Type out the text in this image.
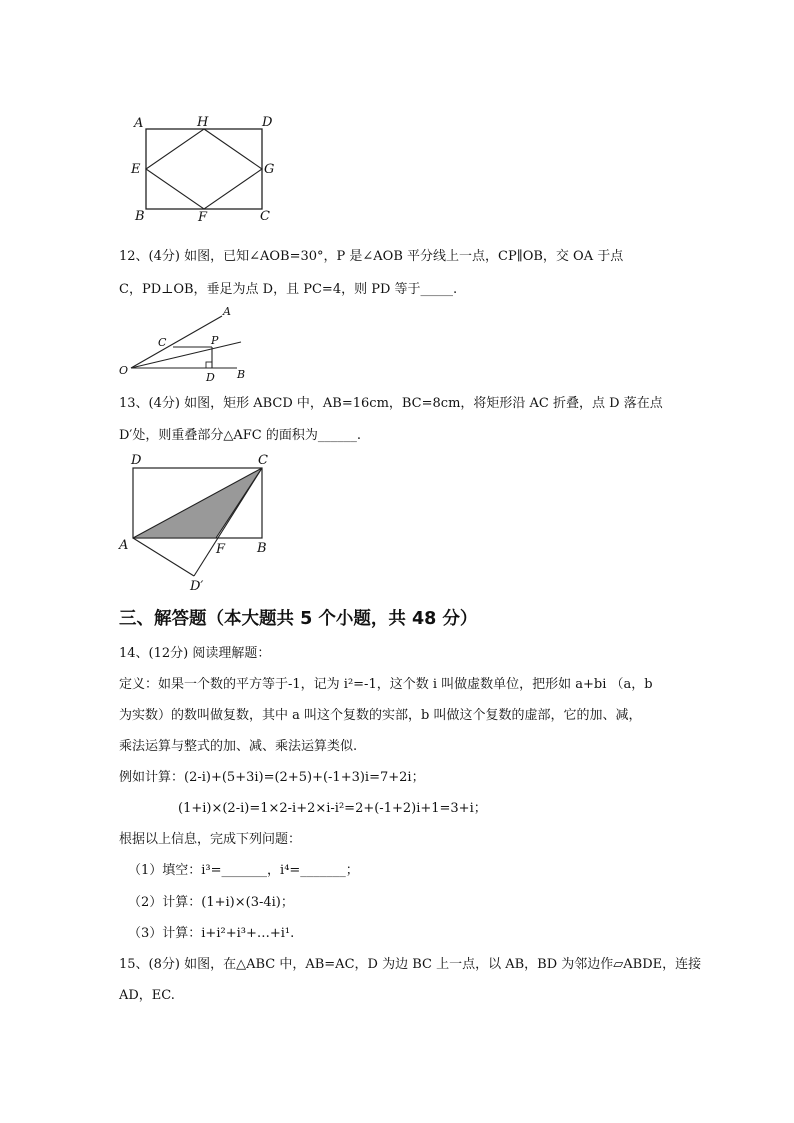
A	H	D
E	G
B	F	C
12、(4分) 如图，已知∠AOB=30°，P 是∠AOB 平分线上一点，CP∥OB，交 OA 于点
C，PD⊥OB，垂足为点 D，且 PC=4，则 PD 等于_____.
A
C	P
O
D B
13、(4分) 如图，矩形 ABCD 中，AB=16cm，BC=8cm，将矩形沿 AC 折叠，点 D 落在点
D′处，则重叠部分△AFC 的面积为______.
D	C
A	F B
D′
三、解答题（本大题共 5 个小题，共 48 分）
14、(12分) 阅读理解题：
定义：如果一个数的平方等于-1，记为 i²=-1，这个数 i 叫做虚数单位，把形如 a+bi （a，b
为实数）的数叫做复数，其中 a 叫这个复数的实部，b 叫做这个复数的虚部，它的加、减，
乘法运算与整式的加、减、乘法运算类似.
例如计算：(2-i)+(5+3i)=(2+5)+(-1+3)i=7+2i；
(1+i)×(2-i)=1×2-i+2×i-i²=2+(-1+2)i+1=3+i；
根据以上信息，完成下列问题：
（1）填空：i³=_______，i⁴=_______；
（2）计算：(1+i)×(3-4i)；
（3）计算：i+i²+i³+…+i¹.
15、(8分) 如图，在△ABC 中，AB=AC，D 为边 BC 上一点，以 AB，BD 为邻边作▱ABDE，连接
AD，EC.
